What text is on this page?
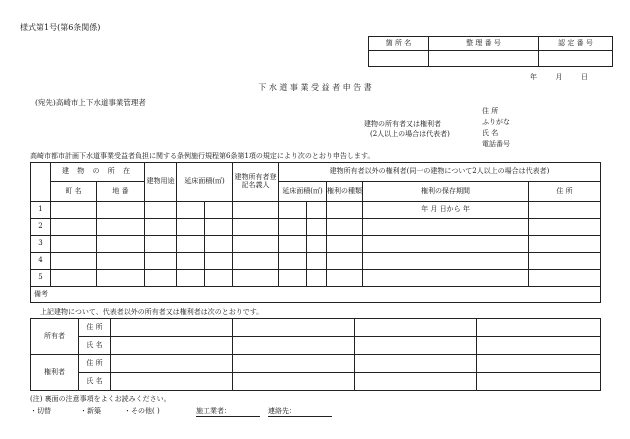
様式第1号(第6条関係)
箇 所 名	整 理 番 号	認 定 番 号

年	月	日
下 水 道 事 業 受 益 者 申 告 書
(宛先)高崎市上下水道事業管理者
建物の所有者又は権利者
(2人以上の場合は代表者)
住 所
ふりがな
氏 名
電話番号
高崎市都市計画下水道事業受益者負担に関する条例施行規程第6条第1項の規定により次のとおり申告します。
	建 物 の 所 在		建物用途	延床面積(㎡)		建物所有者登記名義人	建物所有者以外の権利者(同一の建物について2人以上の場合は代表者)					
	町 名	地 番					延床面積(㎡)		権利の種類	権利の保存期間	住 所	
1										年 月 日から 年		
2												
3												
4												
5												
備考												
上記建物について、代表者以外の所有者又は権利者は次のとおりです。
所有者	住 所				
	氏 名				
権利者	住 所				
	氏 名				
(注) 裏面の注意事項をよくお読みください。
・切替	・新築	・その他( )	施工業者：	連絡先：
